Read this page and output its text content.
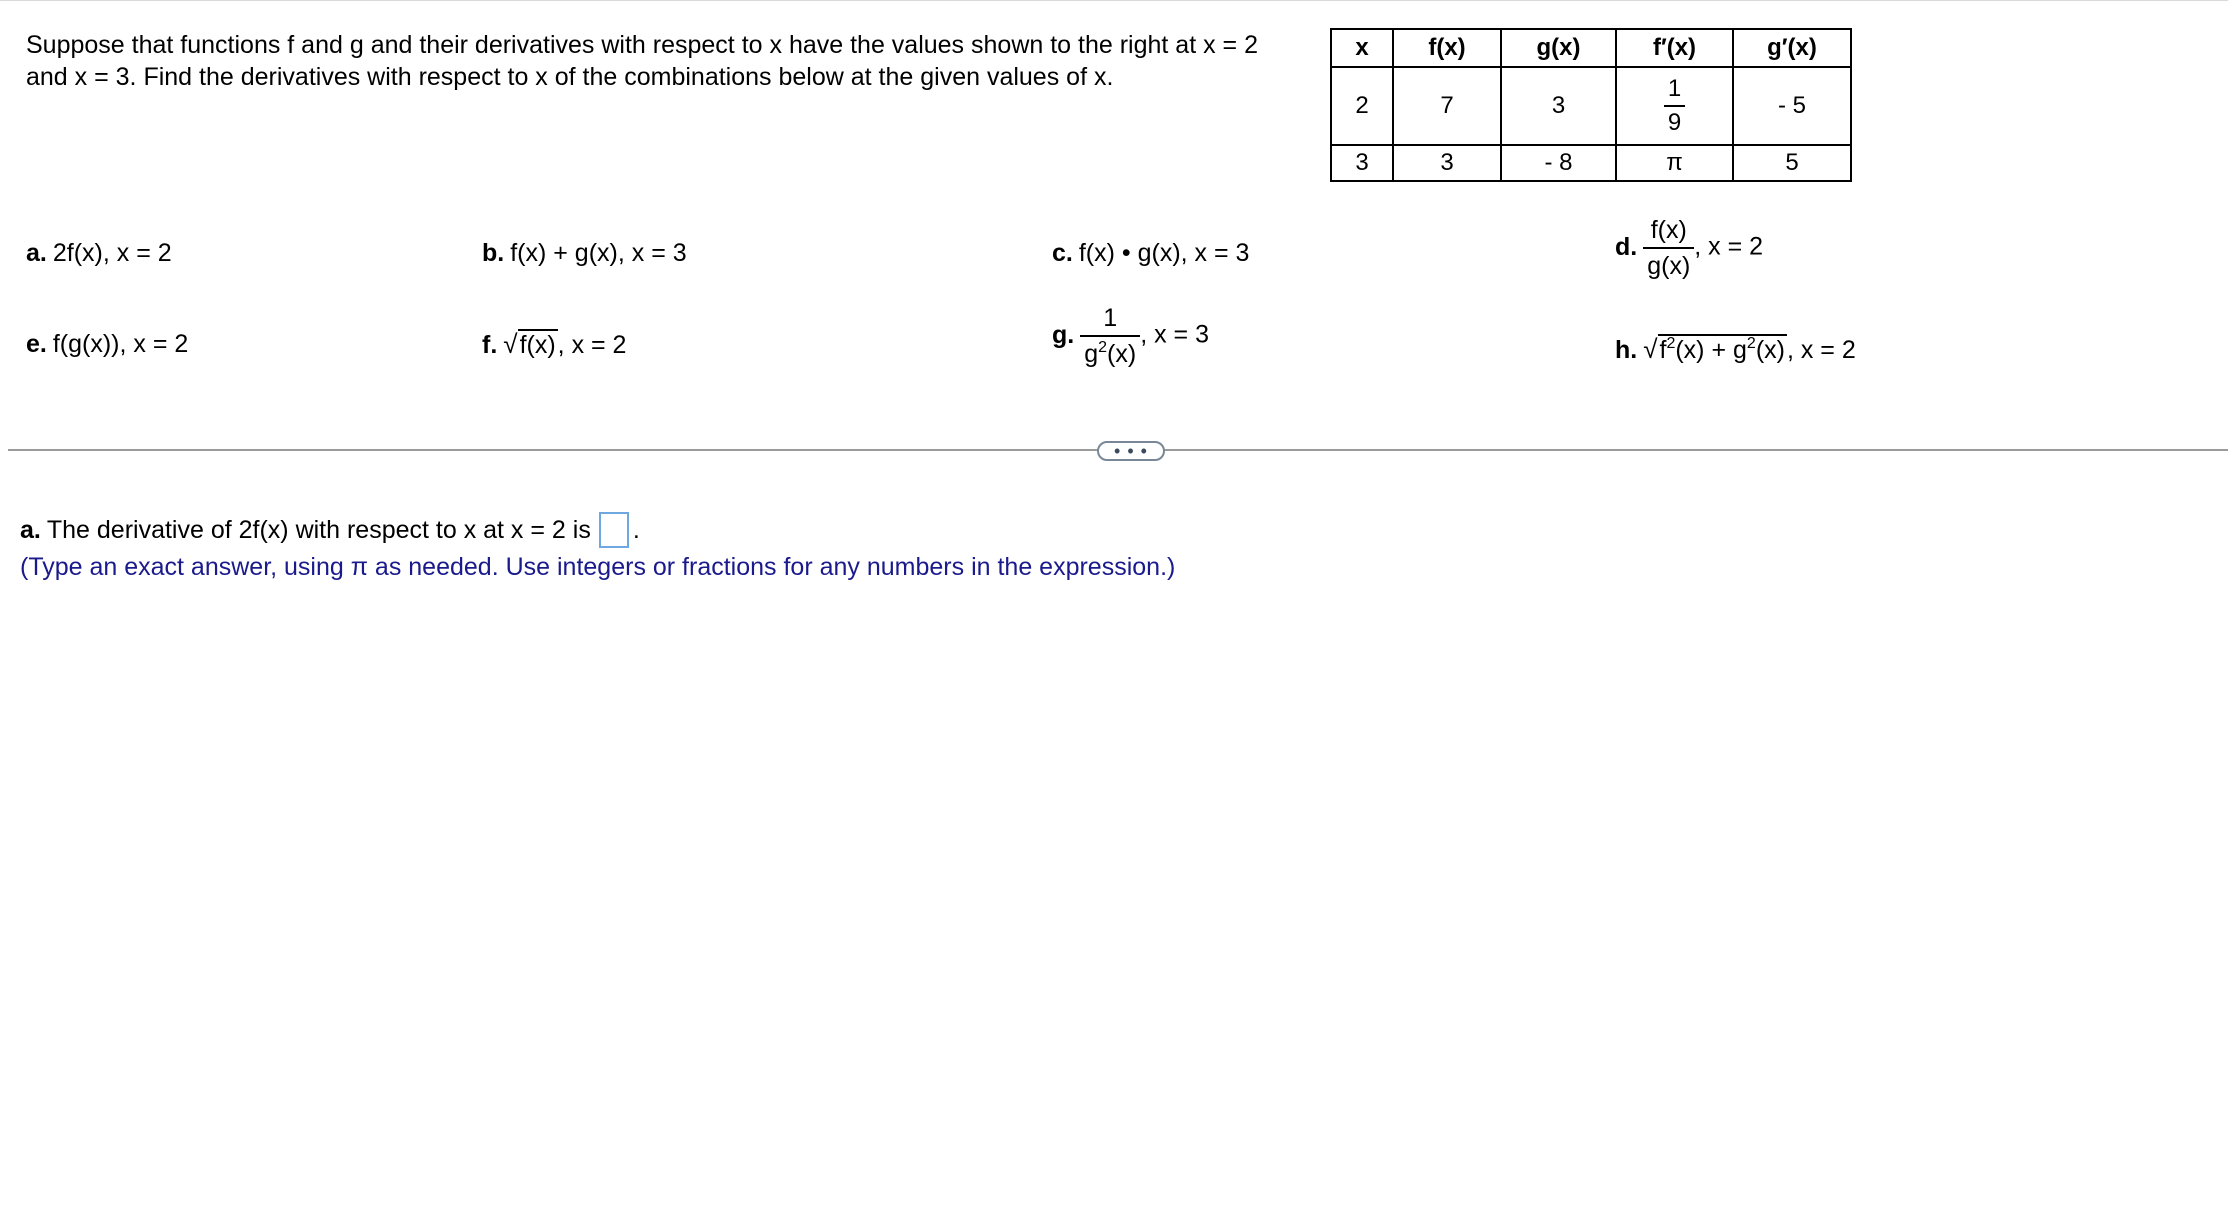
Suppose that functions f and g and their derivatives with respect to x have the values shown to the right at x = 2
and x = 3. Find the derivatives with respect to x of the combinations below at the given values of x.
x	f(x)	g(x)	f′(x)	g′(x)
2	7	3	$\frac{1}{9}$	- 5
3	3	- 8	π	5
a. 2f(x), x = 2	b. f(x) + g(x), x = 3	c. f(x) • g(x), x = 3	d. $\frac{f(x)}{g(x)}$ , x = 2
e. f(g(x)), x = 2	f. √f(x), x = 2	g. $\frac{1}{g^2(x)}$ , x = 3
h. $√f^2(x) + g^2(x)$, x = 2
• • •
a. The derivative of 2f(x) with respect to x at x = 2 is .
(Type an exact answer, using π as needed. Use integers or fractions for any numbers in the expression.)
